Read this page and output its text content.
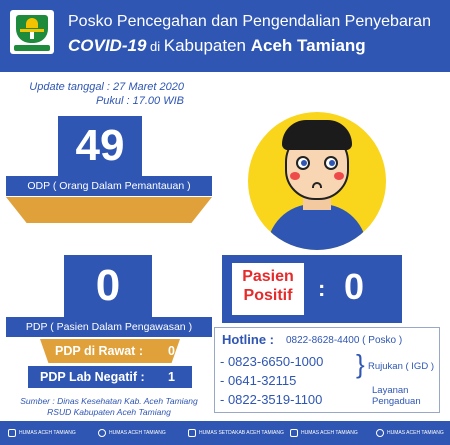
Posko Pencegahan dan Pengendalian Penyebaran
COVID-19 di Kabupaten Aceh Tamiang
Update tanggal : 27 Maret 2020
Pukul : 17.00 WIB
49
ODP ( Orang Dalam Pemantauan )
0
PDP ( Pasien Dalam Pengawasan )
PDP di Rawat :	0
PDP Lab Negatif : 1
Sumber : Dinas Kesehatan Kab. Aceh Tamiang
RSUD Kabupaten Aceh Tamiang
Pasien
Positif	: 0
Hotline : 0822-8628-4400 ( Posko )
- 0823-6650-1000
- 0641-32115
- 0822-3519-1100
} Rujukan ( IGD )
Layanan
Pengaduan
HUMAS ACEH TAMIANG	HUMAS ACEH TAMIANG	HUMAS SETDAKAB ACEH TAMIANG	HUMAS ACEH TAMIANG	HUMAS ACEH TAMIANG
